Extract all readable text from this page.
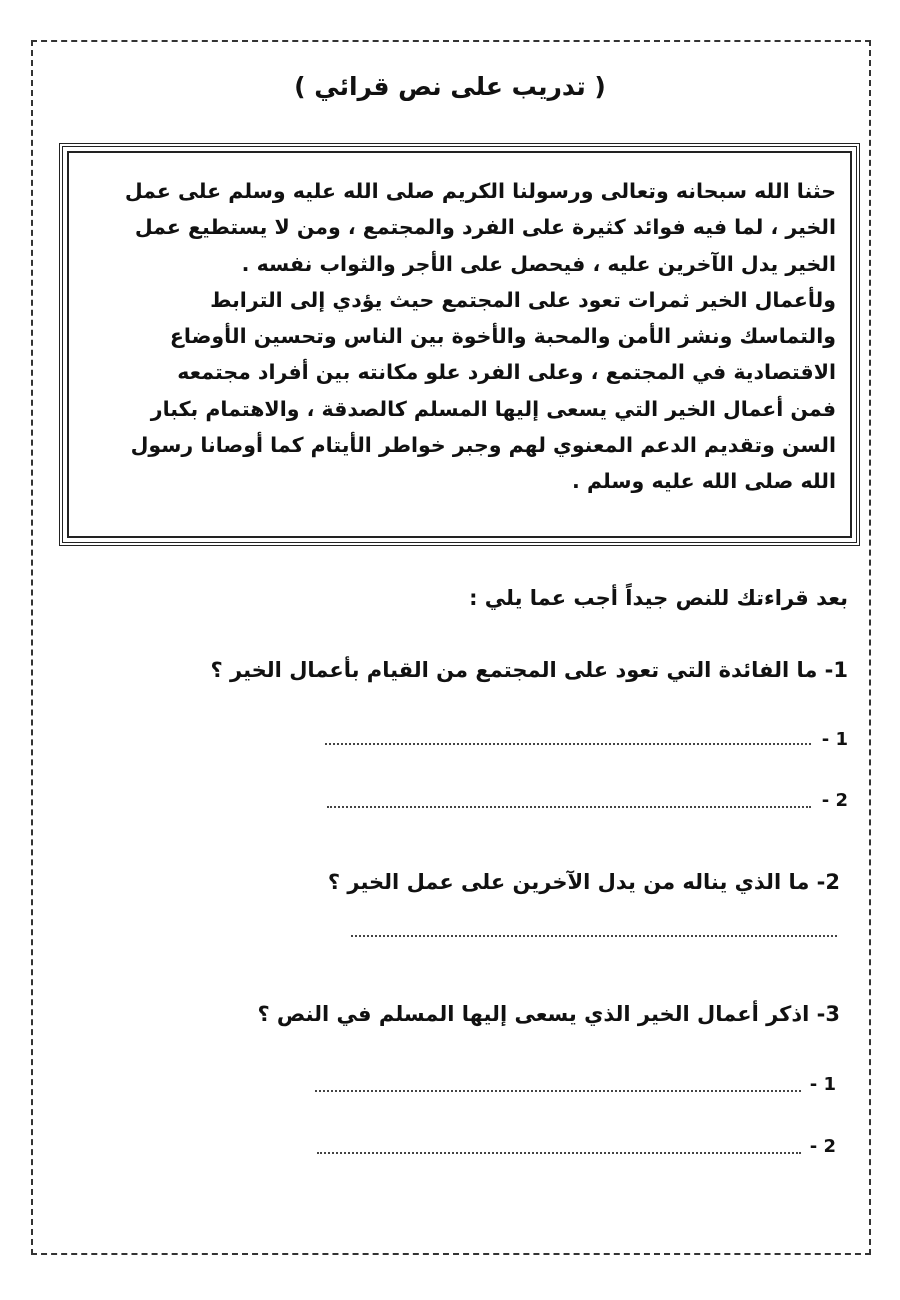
( تدريب على نص قرائي )
حثنا الله سبحانه وتعالى ورسولنا الكريم صلى الله عليه وسلم على عمل
الخير ، لما فيه فوائد كثيرة على الفرد والمجتمع ، ومن لا يستطيع عمل
الخير يدل الآخرين عليه ، فيحصل على الأجر والثواب نفسه .
ولأعمال الخير ثمرات تعود على المجتمع حيث يؤدي إلى الترابط
والتماسك ونشر الأمن والمحبة والأخوة بين الناس وتحسين الأوضاع
الاقتصادية في المجتمع ، وعلى الفرد علو مكانته بين أفراد مجتمعه
فمن أعمال الخير التي يسعى إليها المسلم كالصدقة ، والاهتمام بكبار
السن وتقديم الدعم المعنوي لهم وجبر خواطر الأيتام كما أوصانا رسول
الله صلى الله عليه وسلم .
بعد قراءتك للنص جيداً أجب عما يلي :
1- ما الفائدة التي تعود على المجتمع من القيام بأعمال الخير ؟
1 -
2 -
2- ما الذي يناله من يدل الآخرين على عمل الخير ؟
3- اذكر أعمال الخير الذي يسعى إليها المسلم في النص ؟
1 -
2 -
